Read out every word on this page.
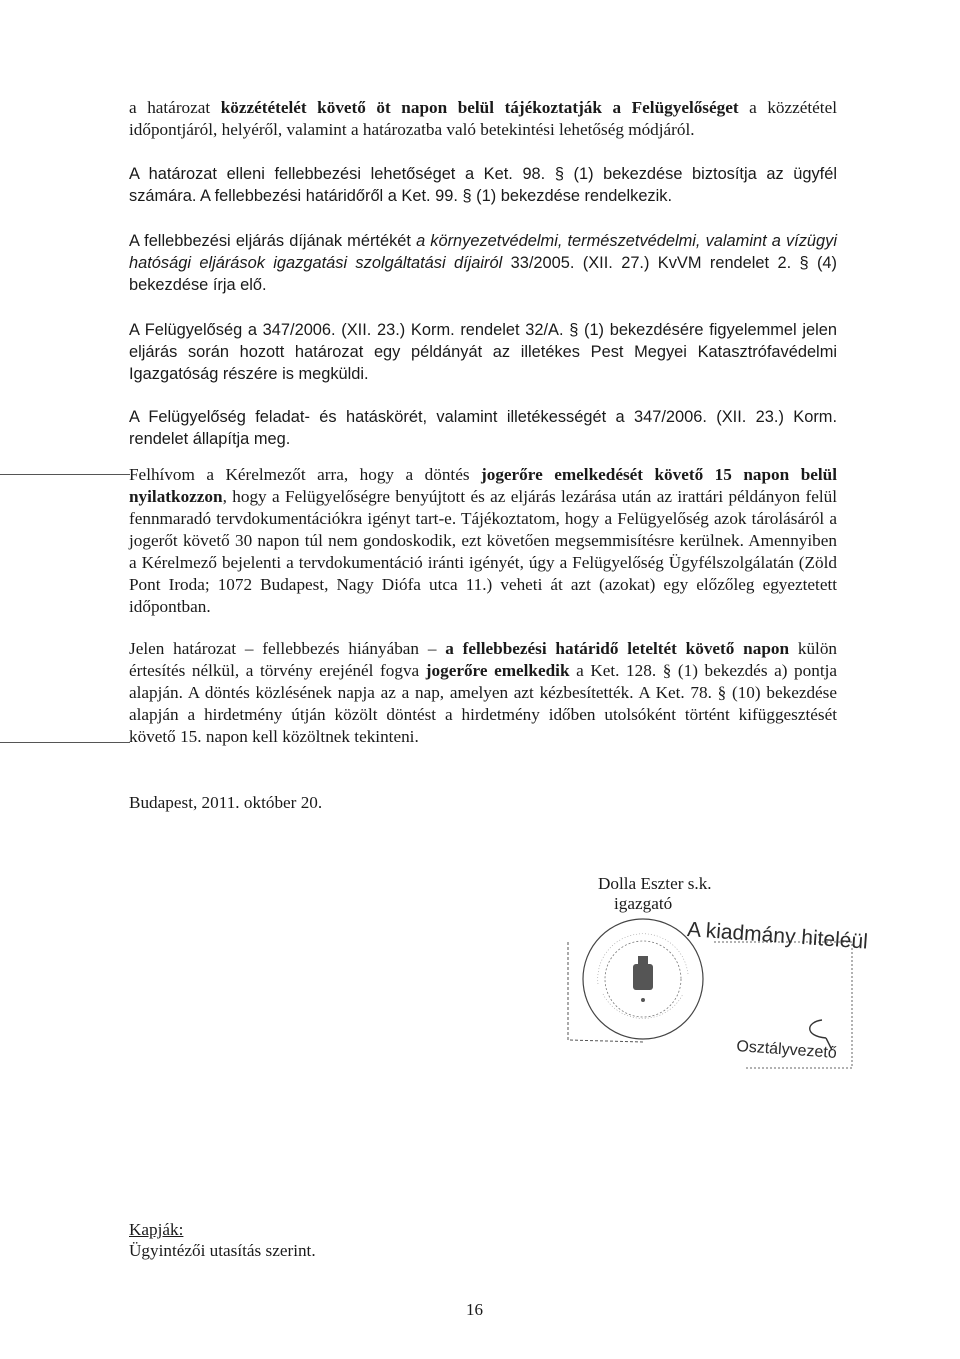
a határozat közzétételét követő öt napon belül tájékoztatják a Felügyelőséget a közzététel időpontjáról, helyéről, valamint a határozatba való betekintési lehetőség módjáról.

A határozat elleni fellebbezési lehetőséget a Ket. 98. § (1) bekezdése biztosítja az ügyfél számára. A fellebbezési határidőről a Ket. 99. § (1) bekezdése rendelkezik.

A fellebbezési eljárás díjának mértékét a környezetvédelmi, természetvédelmi, valamint a vízügyi hatósági eljárások igazgatási szolgáltatási díjairól 33/2005. (XII. 27.) KvVM rendelet 2. § (4) bekezdése írja elő.

A Felügyelőség a 347/2006. (XII. 23.) Korm. rendelet 32/A. § (1) bekezdésére figyelemmel jelen eljárás során hozott határozat egy példányát az illetékes Pest Megyei Katasztrófavédelmi Igazgatóság részére is megküldi.

A Felügyelőség feladat- és hatáskörét, valamint illetékességét a 347/2006. (XII. 23.) Korm. rendelet állapítja meg.

Felhívom a Kérelmezőt arra, hogy a döntés jogerőre emelkedését követő 15 napon belül nyilatkozzon, hogy a Felügyelőségre benyújtott és az eljárás lezárása után az irattári példányon felül fennmaradó tervdokumentációkra igényt tart-e. Tájékoztatom, hogy a Felügyelőség azok tárolásáról a jogerőt követő 30 napon túl nem gondoskodik, ezt követően megsemmisítésre kerülnek. Amennyiben a Kérelmező bejelenti a tervdokumentáció iránti igényét, úgy a Felügyelőség Ügyfélszolgálatán (Zöld Pont Iroda; 1072 Budapest, Nagy Diófa utca 11.) veheti át azt (azokat) egy előzőleg egyeztetett időpontban.

Jelen határozat – fellebbezés hiányában – a fellebbezési határidő leteltét követő napon külön értesítés nélkül, a törvény erejénél fogva jogerőre emelkedik a Ket. 128. § (1) bekezdés a) pontja alapján. A döntés közlésének napja az a nap, amelyen azt kézbesítették. A Ket. 78. § (10) bekezdése alapján a hirdetmény útján közölt döntést a hirdetmény időben utolsóként történt kifüggesztését követő 15. napon kell közöltnek tekinteni.

Budapest, 2011. október 20.
Dolla Eszter s.k.
igazgató
A kiadmány hiteléül
Osztályvezető
Kapják:
Ügyintézői utasítás szerint.
16
